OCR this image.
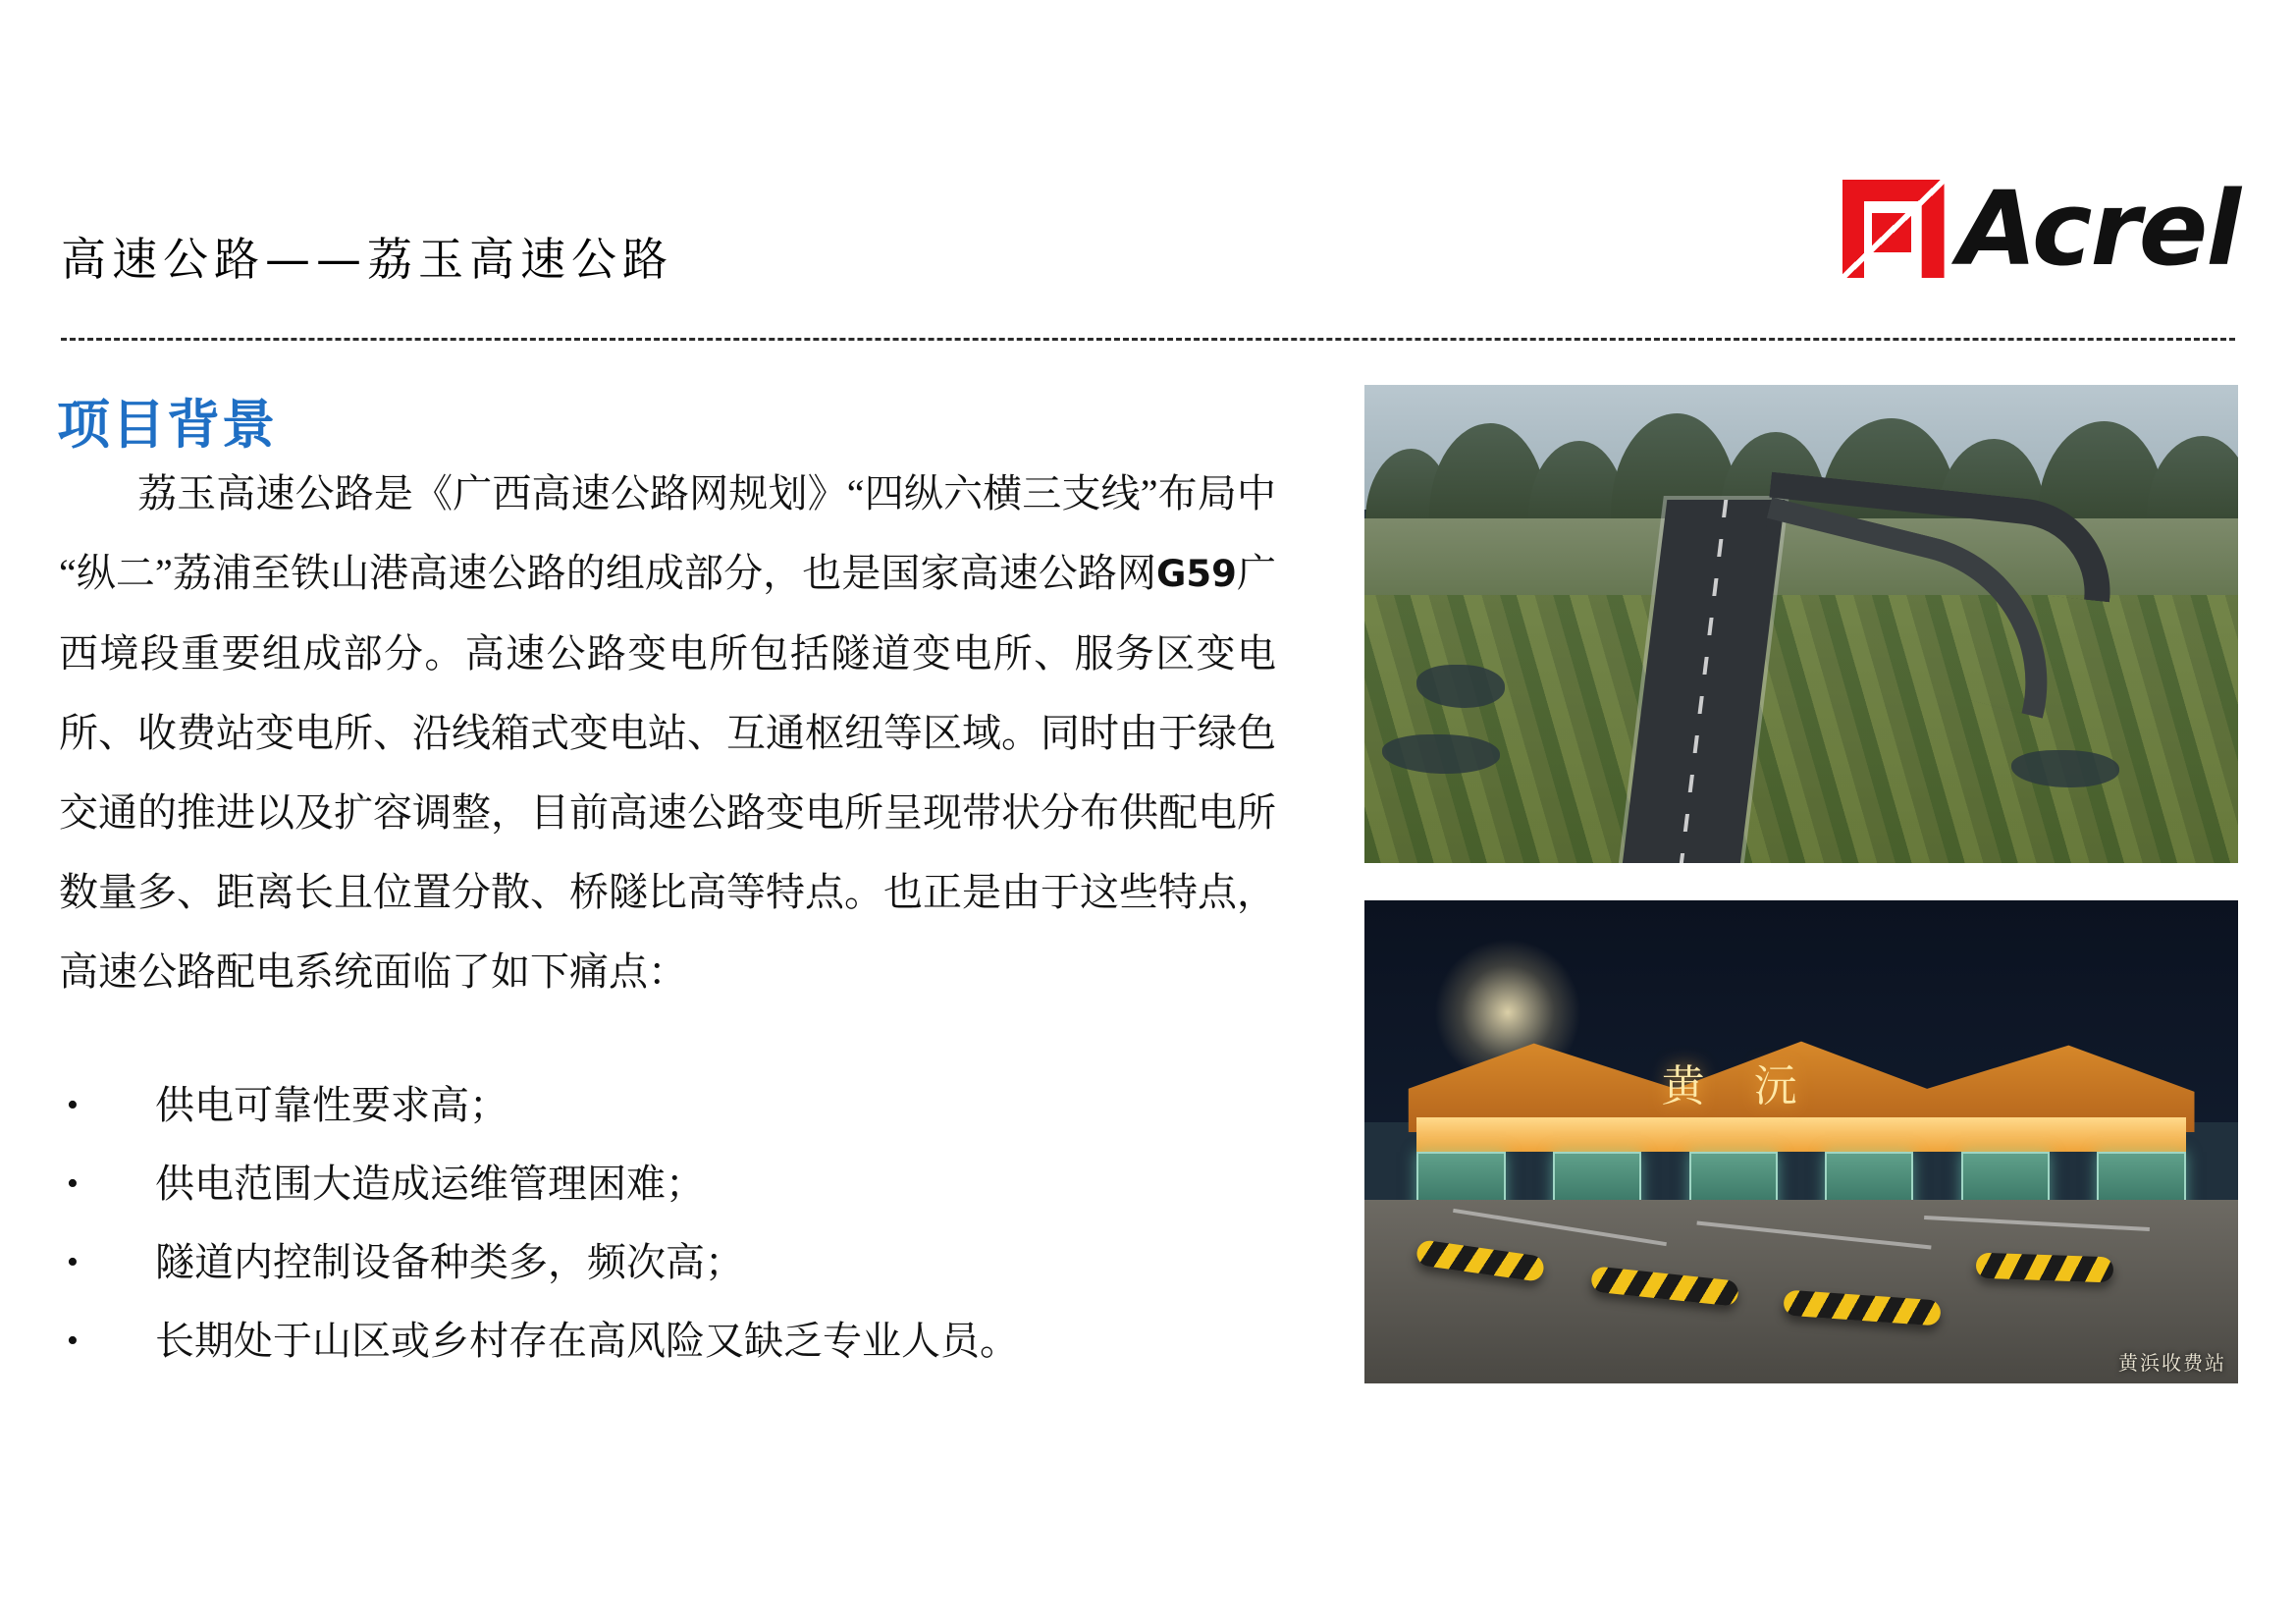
高速公路——荔玉高速公路	Acrel
项目背景
荔玉高速公路是《广西高速公路网规划》“四纵六横三支线”布局中“纵二”荔浦至铁山港高速公路的组成部分，也是国家高速公路网G59广西境段重要组成部分。高速公路变电所包括隧道变电所、服务区变电所、收费站变电所、沿线箱式变电站、互通枢纽等区域。同时由于绿色交通的推进以及扩容调整，目前高速公路变电所呈现带状分布供配电所数量多、距离长且位置分散、桥隧比高等特点。也正是由于这些特点，高速公路配电系统面临了如下痛点：
•	供电可靠性要求高；
•	供电范围大造成运维管理困难；
•	隧道内控制设备种类多，频次高；
•	长期处于山区或乡村存在高风险又缺乏专业人员。
黄 沅
黄浜收费站
